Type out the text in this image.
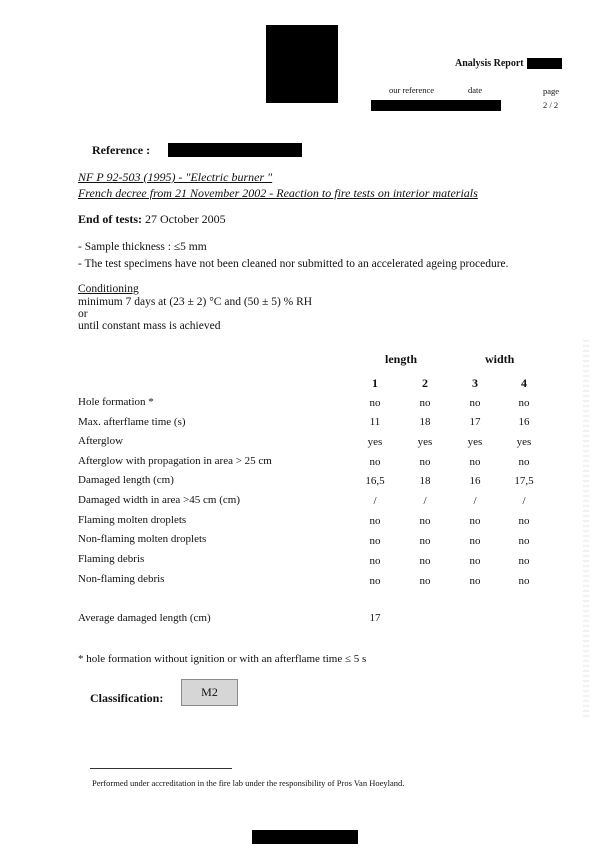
Analysis Report
our reference	date	page
2 / 2
Reference :
NF P 92-503 (1995) - "Electric burner "
French decree from 21 November 2002 - Reaction to fire tests on interior materials
End of tests: 27 October 2005
- Sample thickness : ≤5 mm
- The test specimens have not been cleaned nor submitted to an accelerated ageing procedure.
Conditioning
minimum 7 days at (23 ± 2) °C and (50 ± 5) % RH
or
until constant mass is achieved
length	width
1	2	3	4
Hole formation *	no	no	no	no
Max. afterflame time (s)	11	18	17	16
Afterglow	yes	yes	yes	yes
Afterglow with propagation in area > 25 cm	no	no	no	no
Damaged length (cm)	16,5	18	16	17,5
Damaged width in area >45 cm (cm)	/	/	/	/
Flaming molten droplets	no	no	no	no
Non-flaming molten droplets	no	no	no	no
Flaming debris	no	no	no	no
Non-flaming debris	no	no	no	no
Average damaged length (cm)	17
* hole formation without ignition or with an afterflame time ≤ 5 s
Classification:	M2
Performed under accreditation in the fire lab under the responsibility of Pros Van Hoeyland.
